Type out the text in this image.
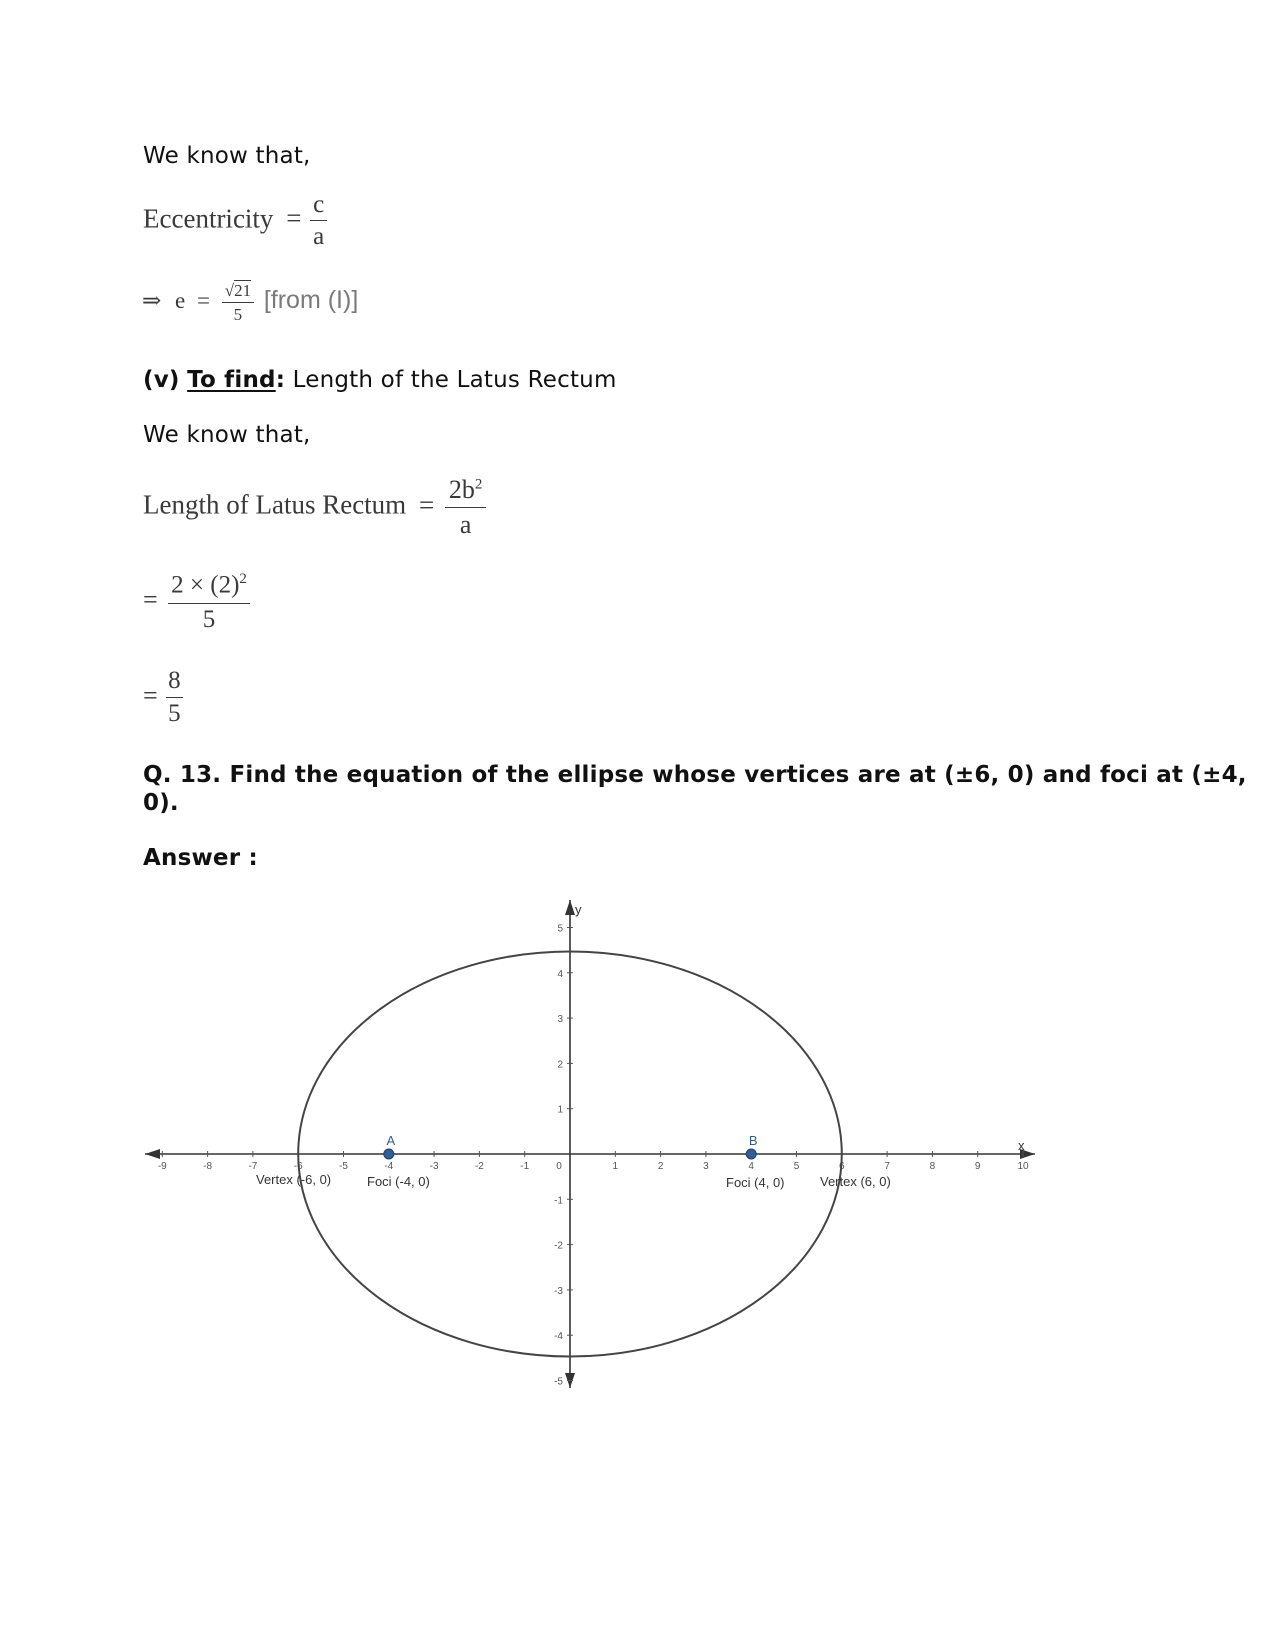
We know that,
Eccentricity = $\frac{c}{a}$
⇒ $e = \frac{√21}{5}$ [from (I)]
(v) To find: Length of the Latus Rectum
We know that,
Length of Latus Rectum = $\frac{2b^2}{a}$
= $\frac{2 \times (2)^2}{5}$
= $\frac{8}{5}$
Q. 13. Find the equation of the ellipse whose vertices are at (±6, 0) and foci at (±4,
0).
Answer :
-9	-8	-7	-6	-5	-4	-3	-2	-1	1	2	3	4	5	6	7	8	9	10
0
5
4
3
2
1
-1
-2
-3
-4
-5
A	B	x
y
Vertex (-6, 0)	Foci (-4, 0)	Foci (4, 0)	Vertex (6, 0)
